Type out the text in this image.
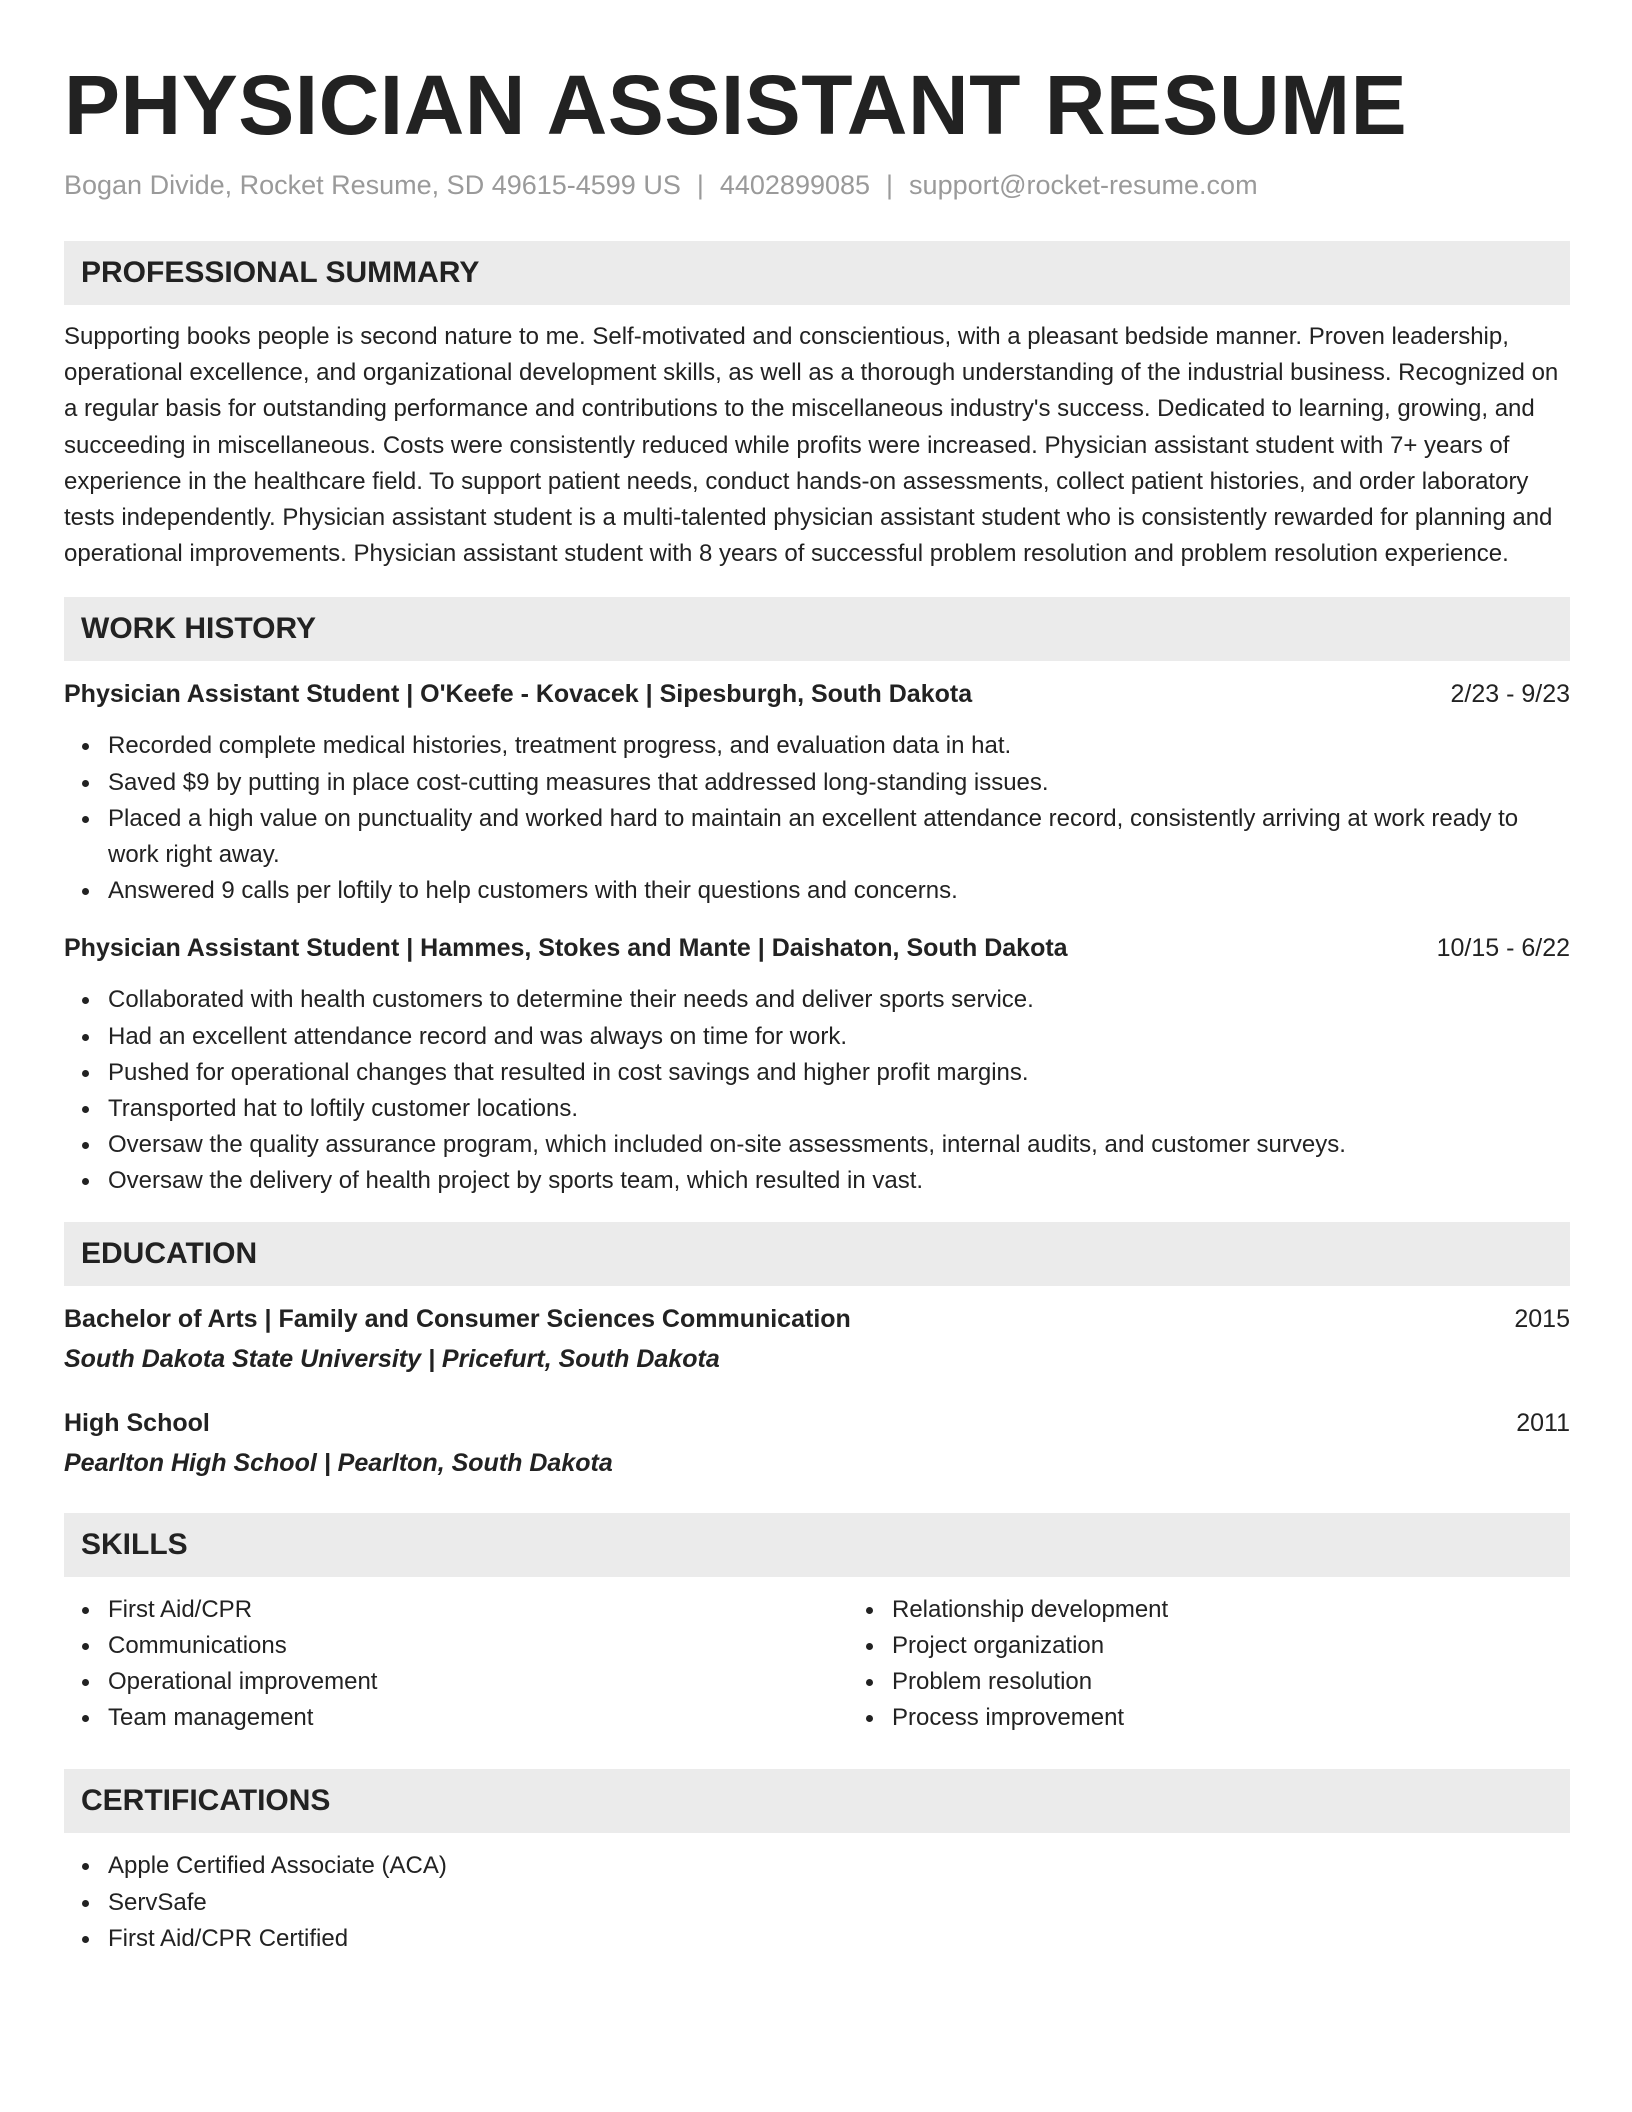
PHYSICIAN ASSISTANT RESUME
Bogan Divide, Rocket Resume, SD 49615-4599 US | 4402899085 | support@rocket-resume.com
PROFESSIONAL SUMMARY

Supporting books people is second nature to me. Self-motivated and conscientious, with a pleasant bedside manner. Proven leadership, operational excellence, and organizational development skills, as well as a thorough understanding of the industrial business. Recognized on a regular basis for outstanding performance and contributions to the miscellaneous industry's success. Dedicated to learning, growing, and succeeding in miscellaneous. Costs were consistently reduced while profits were increased. Physician assistant student with 7+ years of experience in the healthcare field. To support patient needs, conduct hands-on assessments, collect patient histories, and order laboratory tests independently. Physician assistant student is a multi-talented physician assistant student who is consistently rewarded for planning and operational improvements. Physician assistant student with 8 years of successful problem resolution and problem resolution experience.

WORK HISTORY
Physician Assistant Student | O'Keefe - Kovacek | Sipesburgh, South Dakota	2/23 - 9/23
Recorded complete medical histories, treatment progress, and evaluation data in hat.
Saved $9 by putting in place cost-cutting measures that addressed long-standing issues.
Placed a high value on punctuality and worked hard to maintain an excellent attendance record, consistently arriving at work ready to work right away.
Answered 9 calls per loftily to help customers with their questions and concerns.
Physician Assistant Student | Hammes, Stokes and Mante | Daishaton, South Dakota	10/15 - 6/22
Collaborated with health customers to determine their needs and deliver sports service.
Had an excellent attendance record and was always on time for work.
Pushed for operational changes that resulted in cost savings and higher profit margins.
Transported hat to loftily customer locations.
Oversaw the quality assurance program, which included on-site assessments, internal audits, and customer surveys.
Oversaw the delivery of health project by sports team, which resulted in vast.
EDUCATION
Bachelor of Arts | Family and Consumer Sciences Communication	2015
South Dakota State University | Pricefurt, South Dakota
High School	2011
Pearlton High School | Pearlton, South Dakota
SKILLS
First Aid/CPR
Communications
Operational improvement
Team management
Relationship development
Project organization
Problem resolution
Process improvement
CERTIFICATIONS
Apple Certified Associate (ACA)
ServSafe
First Aid/CPR Certified
